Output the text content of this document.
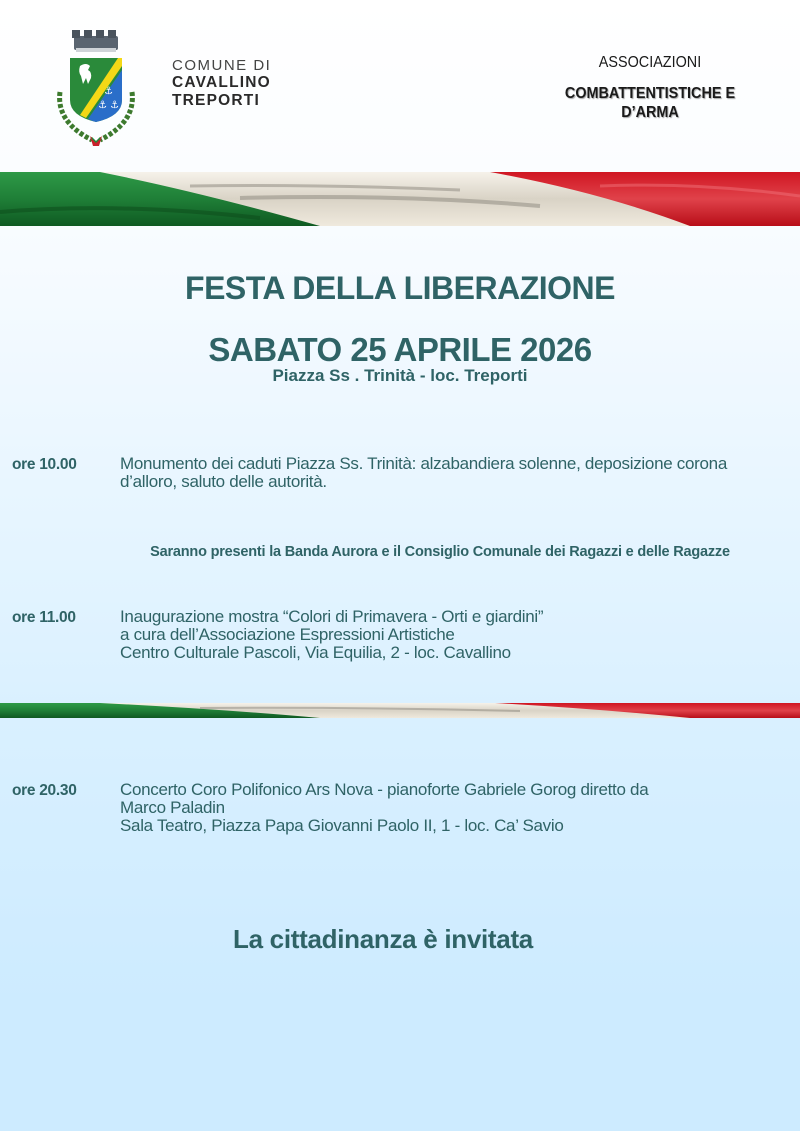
⚓
⚓ ⚓
COMUNE DI
CAVALLINO
TREPORTI
ASSOCIAZIONI
COMBATTENTISTICHE E
D’ARMA
FESTA DELLA LIBERAZIONE
SABATO 25 APRILE 2026
Piazza Ss . Trinità - loc. Treporti
ore 10.00	Monumento dei caduti Piazza Ss. Trinità: alzabandiera solenne, deposizione corona
d’alloro, saluto delle autorità.
Saranno presenti la Banda Aurora e il Consiglio Comunale dei Ragazzi e delle Ragazze
ore 11.00	Inaugurazione mostra “Colori di Primavera - Orti e giardini”
a cura dell’Associazione Espressioni Artistiche
Centro Culturale Pascoli, Via Equilia, 2 - loc. Cavallino
ore 20.30	Concerto Coro Polifonico Ars Nova - pianoforte Gabriele Gorog diretto da
Marco Paladin
Sala Teatro, Piazza Papa Giovanni Paolo II, 1 - loc. Ca’ Savio
La cittadinanza è invitata
